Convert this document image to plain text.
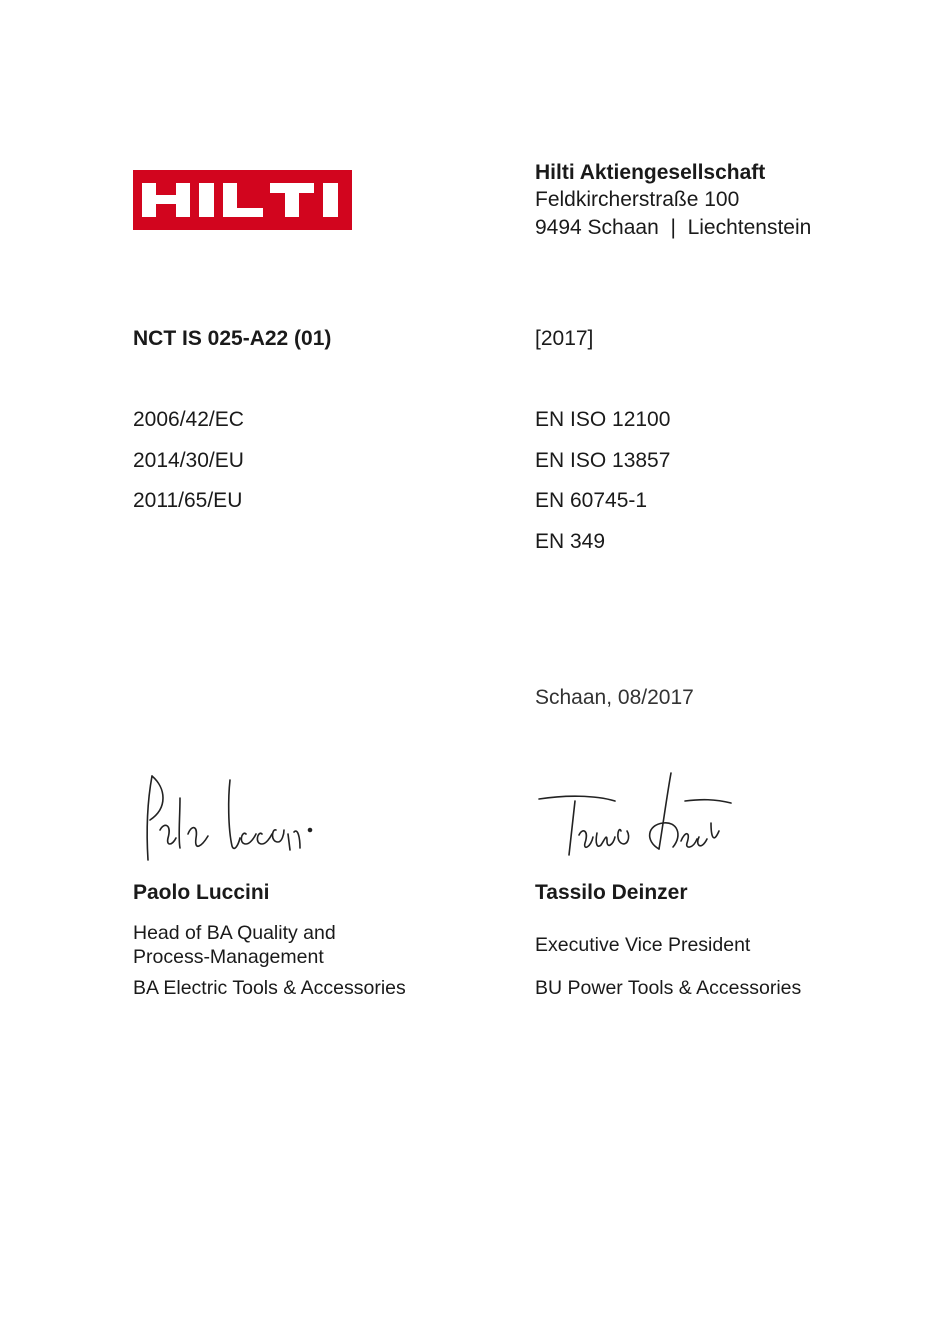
Hilti Aktiengesellschaft
Feldkircherstraße 100
9494 Schaan  |  Liechtenstein
NCT IS 025-A22 (01)	[2017]
2006/42/EC
2014/30/EU
2011/65/EU
EN ISO 12100
EN ISO 13857
EN 60745-1
EN 349
Schaan, 08/2017
Paolo Luccini
Head of BA Quality and
Process-Management
BA Electric Tools & Accessories
Tassilo Deinzer
Executive Vice President
BU Power Tools & Accessories
